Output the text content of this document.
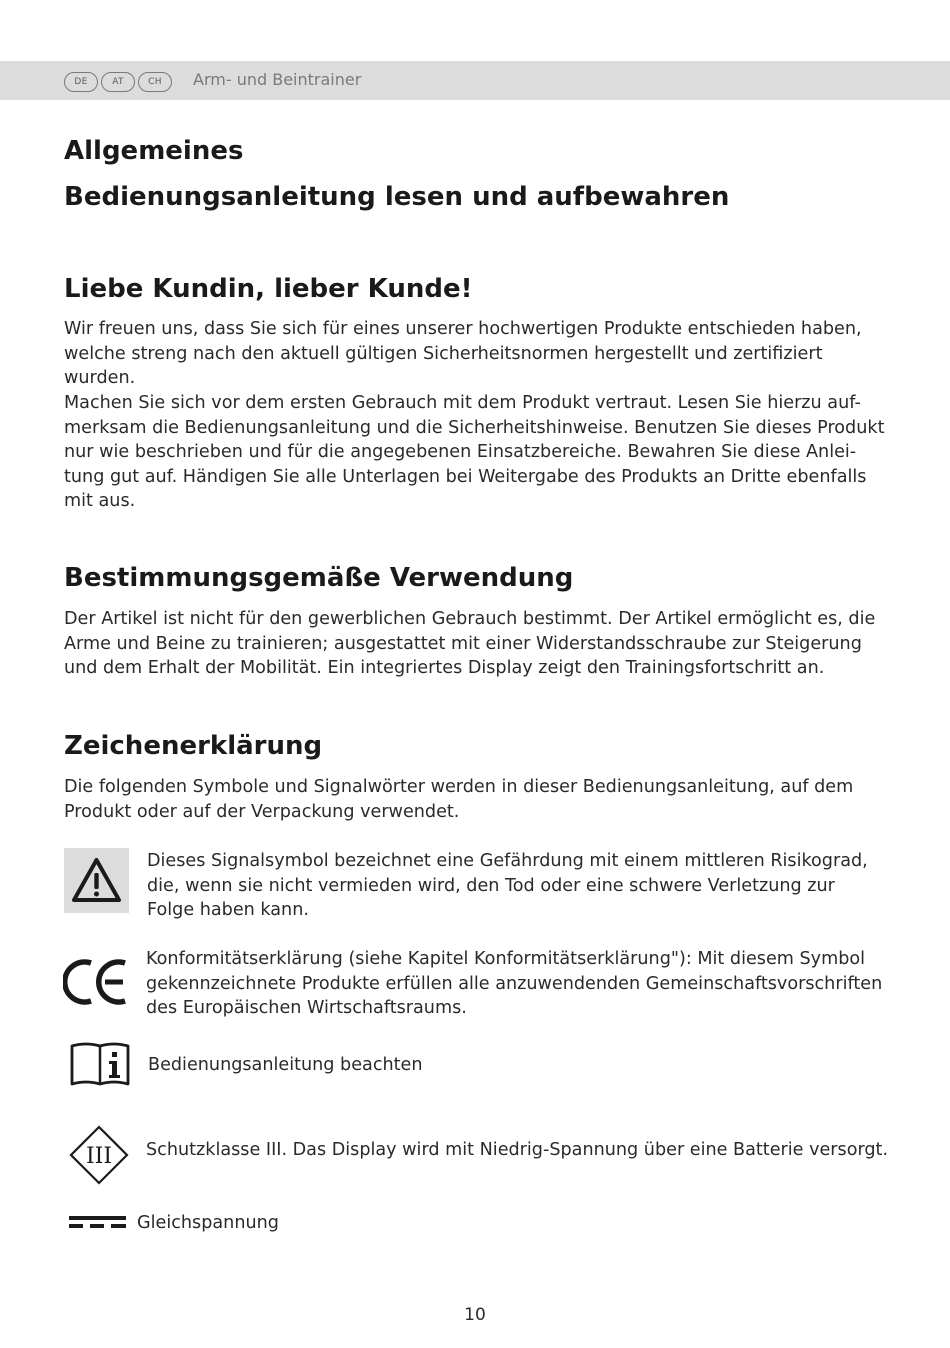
DE	AT	CH	Arm- und Beintrainer
Allgemeines
Bedienungsanleitung lesen und aufbewahren
Liebe Kundin, lieber Kunde!

Wir freuen uns, dass Sie sich für eines unserer hochwertigen Produkte entschieden haben,
welche streng nach den aktuell gültigen Sicherheitsnormen hergestellt und zertifiziert wurden.

Machen Sie sich vor dem ersten Gebrauch mit dem Produkt vertraut. Lesen Sie hierzu auf-
merksam die Bedienungsanleitung und die Sicherheitshinweise. Benutzen Sie dieses Produkt
nur wie beschrieben und für die angegebenen Einsatzbereiche. Bewahren Sie diese Anlei-
tung gut auf. Händigen Sie alle Unterlagen bei Weitergabe des Produkts an Dritte ebenfalls
mit aus.

Bestimmungsgemäße Verwendung

Der Artikel ist nicht für den gewerblichen Gebrauch bestimmt. Der Artikel ermöglicht es, die
Arme und Beine zu trainieren; ausgestattet mit einer Widerstandsschraube zur Steigerung
und dem Erhalt der Mobilität. Ein integriertes Display zeigt den Trainingsfortschritt an.

Zeichenerklärung

Die folgenden Symbole und Signalwörter werden in dieser Bedienungsanleitung, auf dem
Produkt oder auf der Verpackung verwendet.

Dieses Signalsymbol bezeichnet eine Gefährdung mit einem mittleren Risikograd,
die, wenn sie nicht vermieden wird, den Tod oder eine schwere Verletzung zur
Folge haben kann.

Konformitätserklärung (siehe Kapitel Konformitätserklärung"): Mit diesem Symbol
gekennzeichnete Produkte erfüllen alle anzuwendenden Gemeinschaftsvorschriften
des Europäischen Wirtschaftsraums.

Bedienungsanleitung beachten

III Schutzklasse III. Das Display wird mit Niedrig-Spannung über eine Batterie versorgt.

Gleichspannung

10
